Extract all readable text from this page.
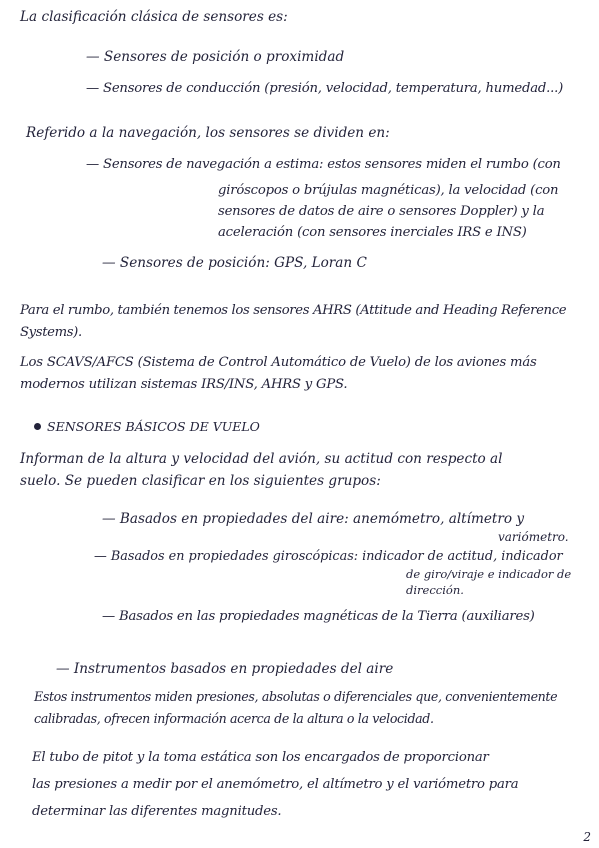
La clasificación clásica de sensores es:
— Sensores de posición o proximidad
— Sensores de conducción (presión, velocidad, temperatura, humedad...)
Referido a la navegación, los sensores se dividen en:
— Sensores de navegación a estima: estos sensores miden el rumbo (con
giróscopos o brújulas magnéticas), la velocidad (con
sensores de datos de aire o sensores Doppler) y la
aceleración (con sensores inerciales IRS e INS)
— Sensores de posición: GPS, Loran C
Para el rumbo, también tenemos los sensores AHRS (Attitude and Heading Reference
Systems).
Los SCAVS/AFCS (Sistema de Control Automático de Vuelo) de los aviones más
modernos utilizan sistemas IRS/INS, AHRS y GPS.
SENSORES BÁSICOS DE VUELO
Informan de la altura y velocidad del avión, su actitud con respecto al
suelo. Se pueden clasificar en los siguientes grupos:
— Basados en propiedades del aire: anemómetro, altímetro y
variómetro.
— Basados en propiedades giroscópicas: indicador de actitud, indicador
de giro/viraje e indicador de
dirección.
— Basados en las propiedades magnéticas de la Tierra (auxiliares)
— Instrumentos basados en propiedades del aire
Estos instrumentos miden presiones, absolutas o diferenciales que, convenientemente
calibradas, ofrecen información acerca de la altura o la velocidad.
El tubo de pitot y la toma estática son los encargados de proporcionar
las presiones a medir por el anemómetro, el altímetro y el variómetro para
determinar las diferentes magnitudes.
2
